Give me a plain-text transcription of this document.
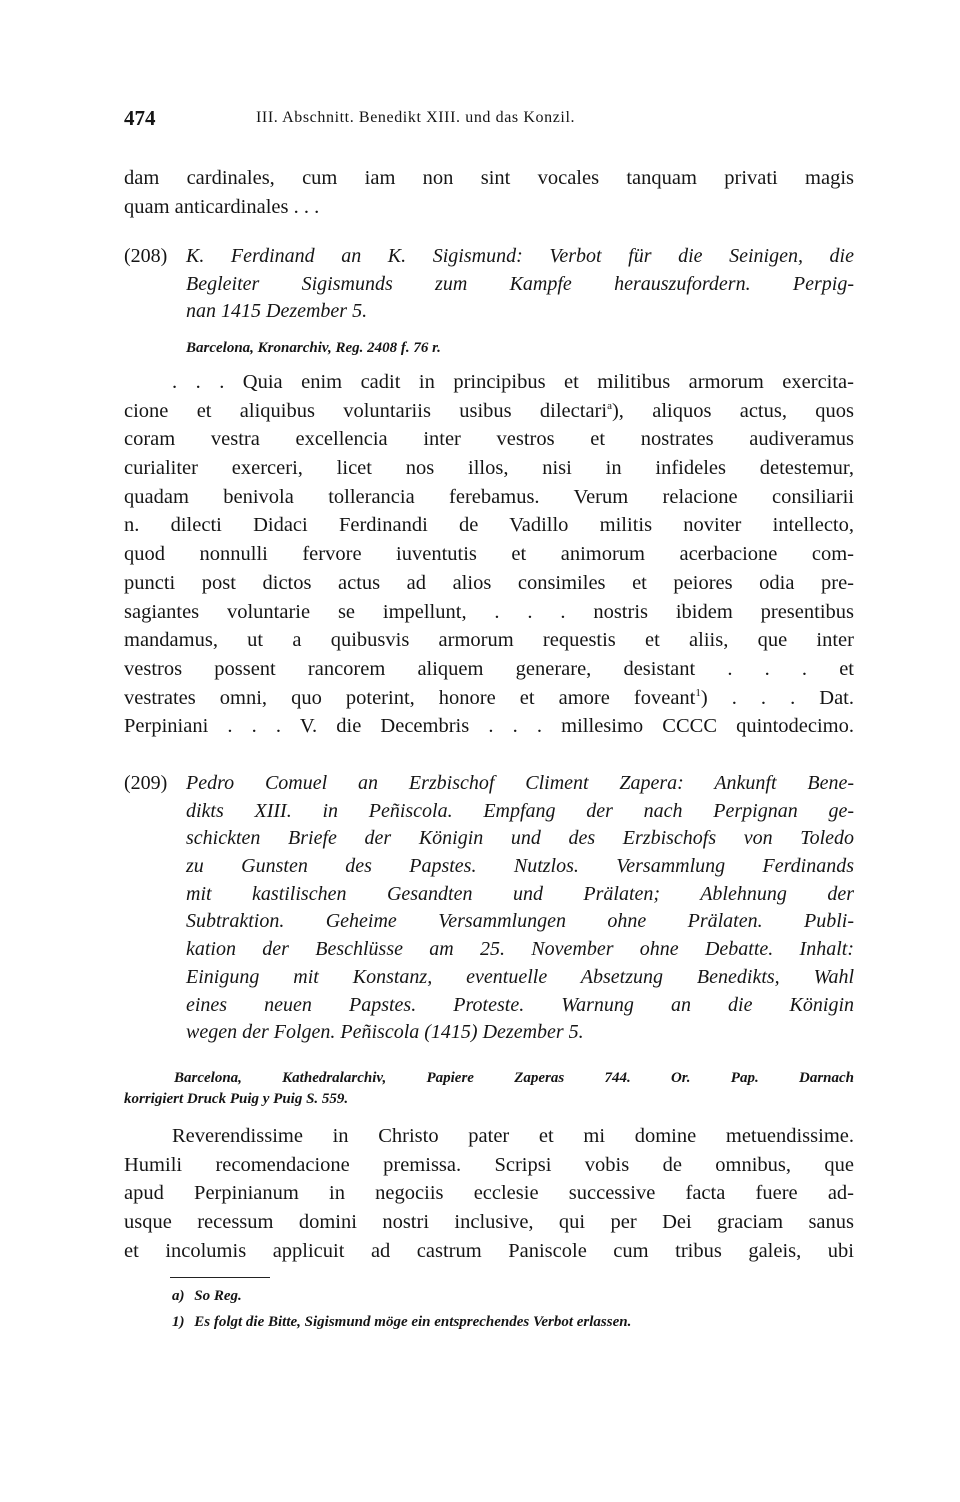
474	III. Abschnitt. Benedikt XIII. und das Konzil.
dam cardinales, cum iam non sint vocales tanquam privati magis
quam anticardinales . . .
(208) K. Ferdinand an K. Sigismund: Verbot für die Seinigen, die
Begleiter Sigismunds zum Kampfe herauszufordern. Perpig-
nan 1415 Dezember 5.
Barcelona, Kronarchiv, Reg. 2408 f. 76 r.
. . . Quia enim cadit in principibus et militibus armorum exercita-
cione et aliquibus voluntariis usibus dilectari$^a$), aliquos actus, quos
coram vestra excellencia inter vestros et nostrates audiveramus
curialiter exerceri, licet nos illos, nisi in infideles detestemur,
quadam benivola tollerancia ferebamus. Verum relacione consiliarii
n. dilecti Didaci Ferdinandi de Vadillo militis noviter intellecto,
quod nonnulli fervore iuventutis et animorum acerbacione com-
puncti post dictos actus ad alios consimiles et peiores odia pre-
sagiantes voluntarie se impellunt, . . . nostris ibidem presentibus
mandamus, ut a quibusvis armorum requestis et aliis, que inter
vestros possent rancorem aliquem generare, desistant . . . et
vestrates omni, quo poterint, honore et amore foveant$^1$) . . . Dat.
Perpiniani . . . V. die Decembris . . . millesimo CCCC quintodecimo.
(209) Pedro Comuel an Erzbischof Climent Zapera: Ankunft Bene-
dikts XIII. in Peñiscola. Empfang der nach Perpignan ge-
schickten Briefe der Königin und des Erzbischofs von Toledo
zu Gunsten des Papstes. Nutzlos. Versammlung Ferdinands
mit kastilischen Gesandten und Prälaten; Ablehnung der
Subtraktion. Geheime Versammlungen ohne Prälaten. Publi-
kation der Beschlüsse am 25. November ohne Debatte. Inhalt:
Einigung mit Konstanz, eventuelle Absetzung Benedikts, Wahl
eines neuen Papstes. Proteste. Warnung an die Königin
wegen der Folgen. Peñiscola (1415) Dezember 5.
Barcelona, Kathedralarchiv, Papiere Zaperas 744. Or. Pap. Darnach
korrigiert Druck Puig y Puig S. 559.
Reverendissime in Christo pater et mi domine metuendissime.
Humili recomendacione premissa. Scripsi vobis de omnibus, que
apud Perpinianum in negociis ecclesie successive facta fuere ad-
usque recessum domini nostri inclusive, qui per Dei graciam sanus
et incolumis applicuit ad castrum Paniscole cum tribus galeis, ubi
a) So Reg.
1) Es folgt die Bitte, Sigismund möge ein entsprechendes Verbot erlassen.
